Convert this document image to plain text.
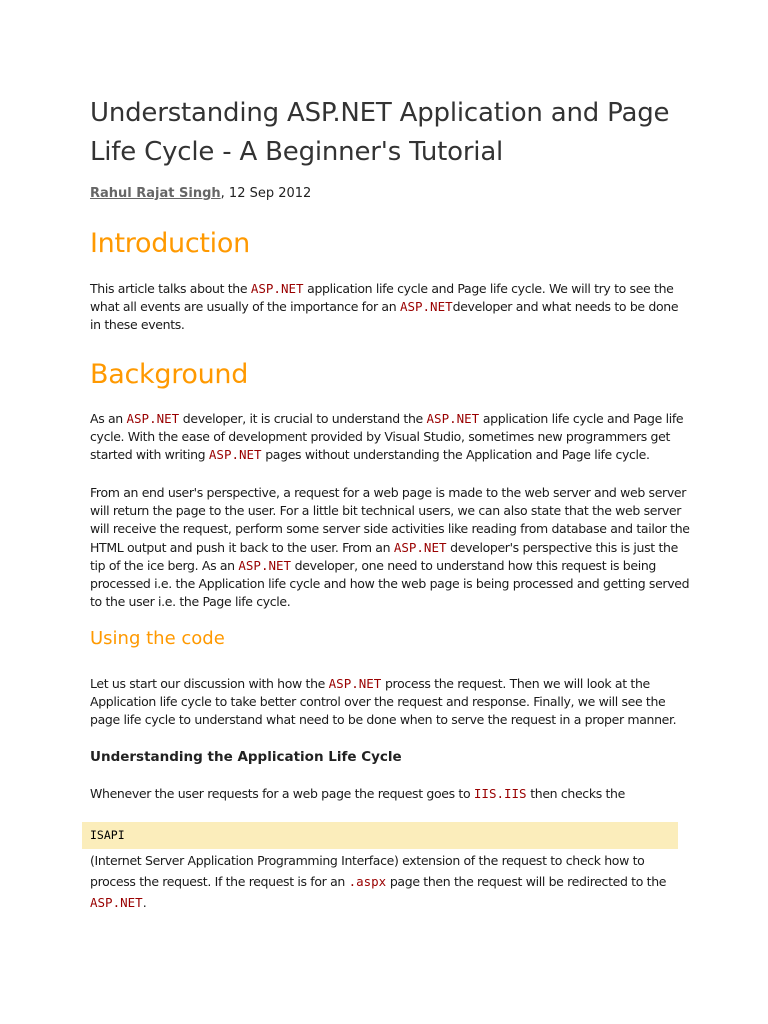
Understanding ASP.NET Application and Page Life Cycle - A Beginner's Tutorial
Rahul Rajat Singh, 12 Sep 2012
Introduction

This article talks about the ASP.NET application life cycle and Page life cycle. We will try to see the what all events are usually of the importance for an ASP.NETdeveloper and what needs to be done in these events.

Background

As an ASP.NET developer, it is crucial to understand the ASP.NET application life cycle and Page life cycle. With the ease of development provided by Visual Studio, sometimes new programmers get started with writing ASP.NET pages without understanding the Application and Page life cycle.

From an end user's perspective, a request for a web page is made to the web server and web server will return the page to the user. For a little bit technical users, we can also state that the web server will receive the request, perform some server side activities like reading from database and tailor the HTML output and push it back to the user. From an ASP.NET developer's perspective this is just the tip of the ice berg. As an ASP.NET developer, one need to understand how this request is being processed i.e. the Application life cycle and how the web page is being processed and getting served to the user i.e. the Page life cycle.

Using the code

Let us start our discussion with how the ASP.NET process the request. Then we will look at the Application life cycle to take better control over the request and response. Finally, we will see the page life cycle to understand what need to be done when to serve the request in a proper manner.

Understanding the Application Life Cycle

Whenever the user requests for a web page the request goes to IIS.IIS then checks the

ISAPI

(Internet Server Application Programming Interface) extension of the request to check how to process the request. If the request is for an .aspx page then the request will be redirected to the ASP.NET.
